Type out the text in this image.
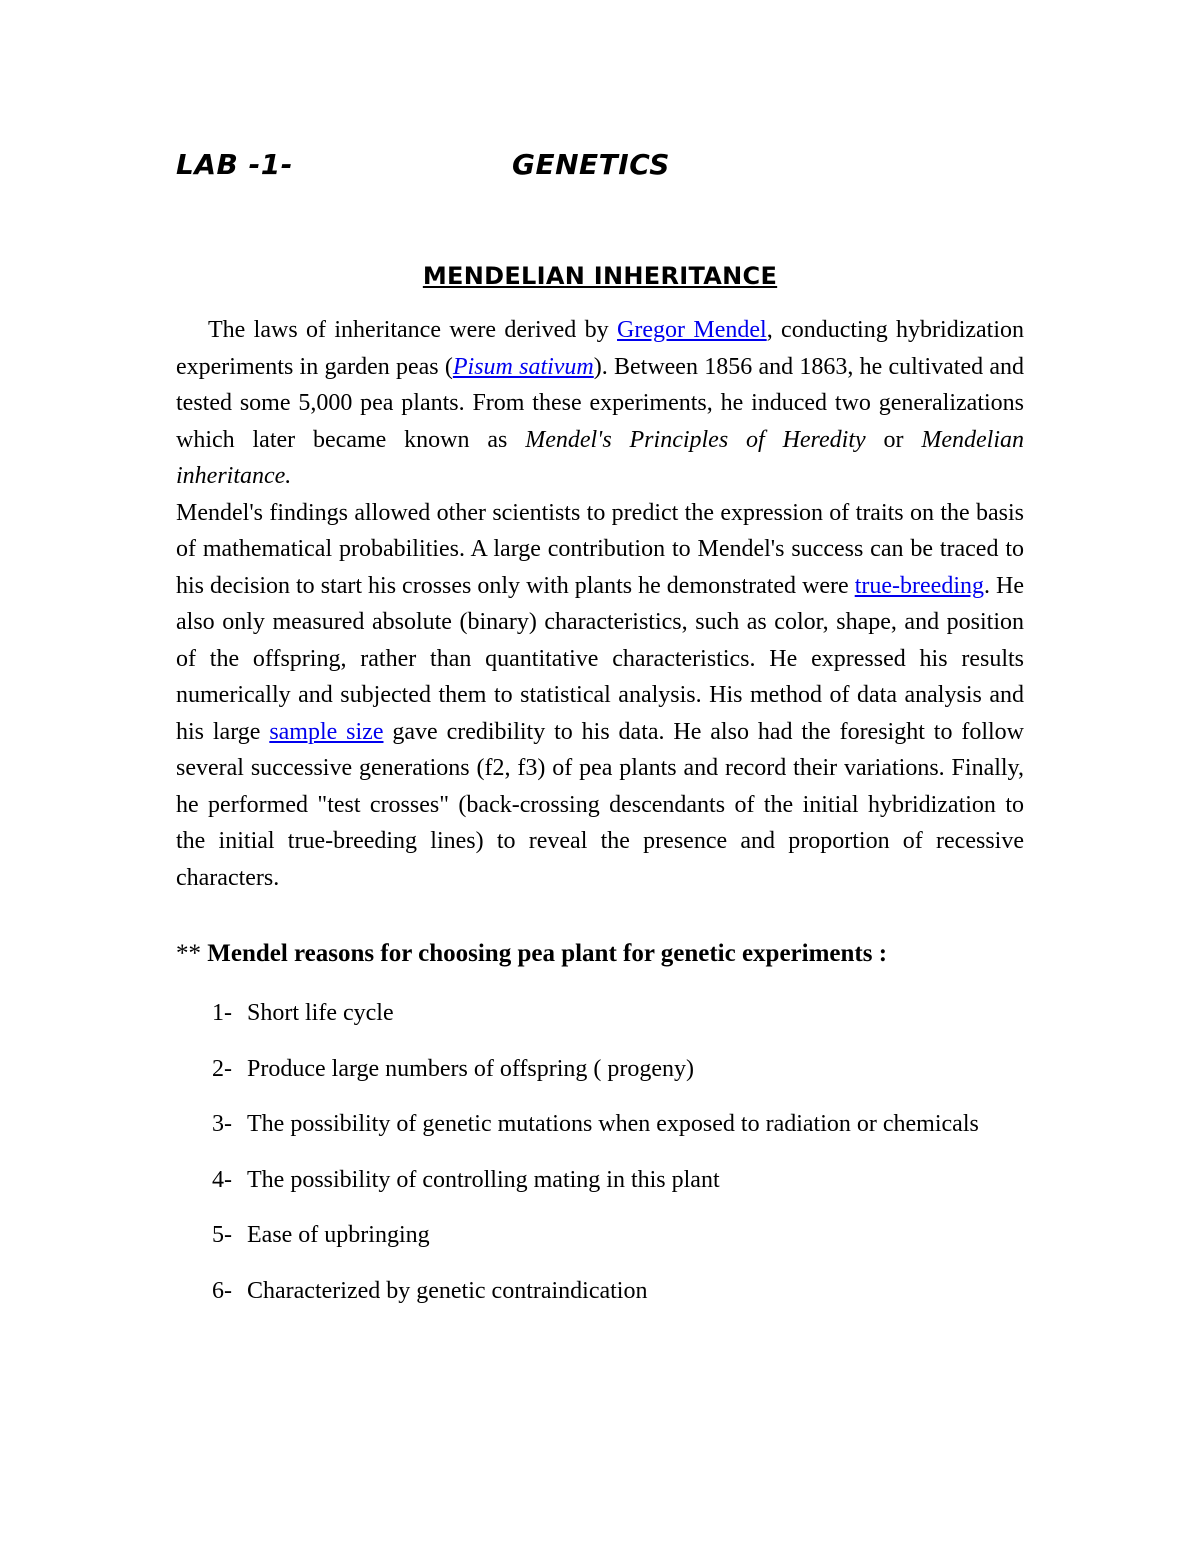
LAB -1-	GENETICS
MENDELIAN INHERITANCE

The laws of inheritance were derived by Gregor Mendel, conducting hybridization experiments in garden peas (Pisum sativum). Between 1856 and 1863, he cultivated and tested some 5,000 pea plants. From these experiments, he induced two generalizations which later became known as Mendel's Principles of Heredity or Mendelian inheritance.

Mendel's findings allowed other scientists to predict the expression of traits on the basis of mathematical probabilities. A large contribution to Mendel's success can be traced to his decision to start his crosses only with plants he demonstrated were true-breeding. He also only measured absolute (binary) characteristics, such as color, shape, and position of the offspring, rather than quantitative characteristics. He expressed his results numerically and subjected them to statistical analysis. His method of data analysis and his large sample size gave credibility to his data. He also had the foresight to follow several successive generations (f2, f3) of pea plants and record their variations. Finally, he performed "test crosses" (back-crossing descendants of the initial hybridization to the initial true-breeding lines) to reveal the presence and proportion of recessive characters.

** Mendel reasons for choosing pea plant for genetic experiments :
1- Short life cycle
2- Produce large numbers of offspring ( progeny)
3- The possibility of genetic mutations when exposed to radiation or chemicals
4- The possibility of controlling mating in this plant
5- Ease of upbringing
6- Characterized by genetic contraindication
